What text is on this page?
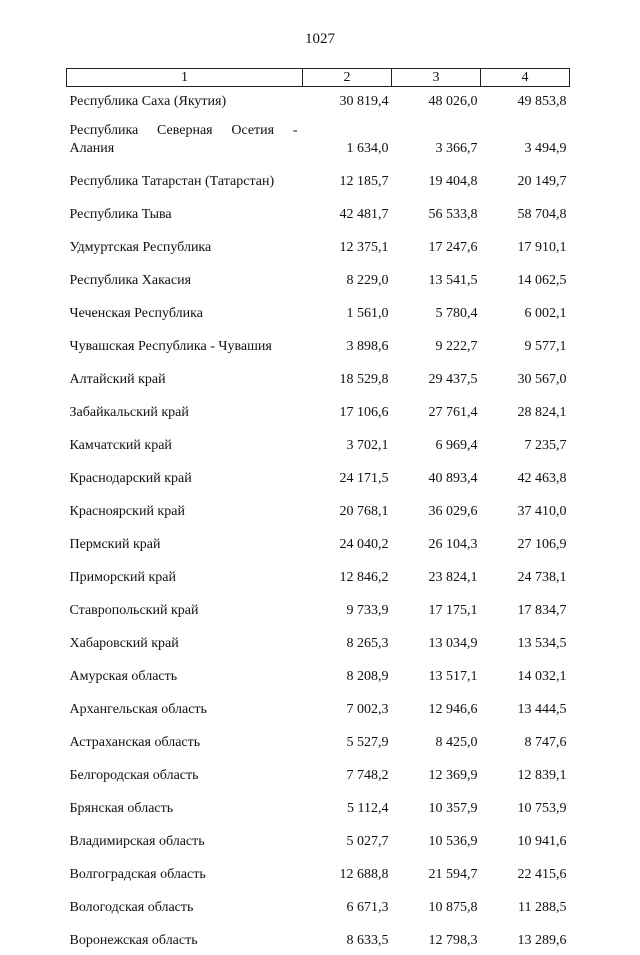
1027
1	2	3	4
Республика Саха (Якутия)	30 819,4	48 026,0	49 853,8

Республика Северная Осетия -
Алания	1 634,0	3 366,7	3 494,9
Республика Татарстан (Татарстан)	12 185,7	19 404,8	20 149,7
Республика Тыва	42 481,7	56 533,8	58 704,8
Удмуртская Республика	12 375,1	17 247,6	17 910,1
Республика Хакасия	8 229,0	13 541,5	14 062,5
Чеченская Республика	1 561,0	5 780,4	6 002,1
Чувашская Республика - Чувашия	3 898,6	9 222,7	9 577,1
Алтайский край	18 529,8	29 437,5	30 567,0
Забайкальский край	17 106,6	27 761,4	28 824,1
Камчатский край	3 702,1	6 969,4	7 235,7
Краснодарский край	24 171,5	40 893,4	42 463,8
Красноярский край	20 768,1	36 029,6	37 410,0
Пермский край	24 040,2	26 104,3	27 106,9
Приморский край	12 846,2	23 824,1	24 738,1
Ставропольский край	9 733,9	17 175,1	17 834,7
Хабаровский край	8 265,3	13 034,9	13 534,5
Амурская область	8 208,9	13 517,1	14 032,1
Архангельская область	7 002,3	12 946,6	13 444,5
Астраханская область	5 527,9	8 425,0	8 747,6
Белгородская область	7 748,2	12 369,9	12 839,1
Брянская область	5 112,4	10 357,9	10 753,9
Владимирская область	5 027,7	10 536,9	10 941,6
Волгоградская область	12 688,8	21 594,7	22 415,6
Вологодская область	6 671,3	10 875,8	11 288,5
Воронежская область	8 633,5	12 798,3	13 289,6
